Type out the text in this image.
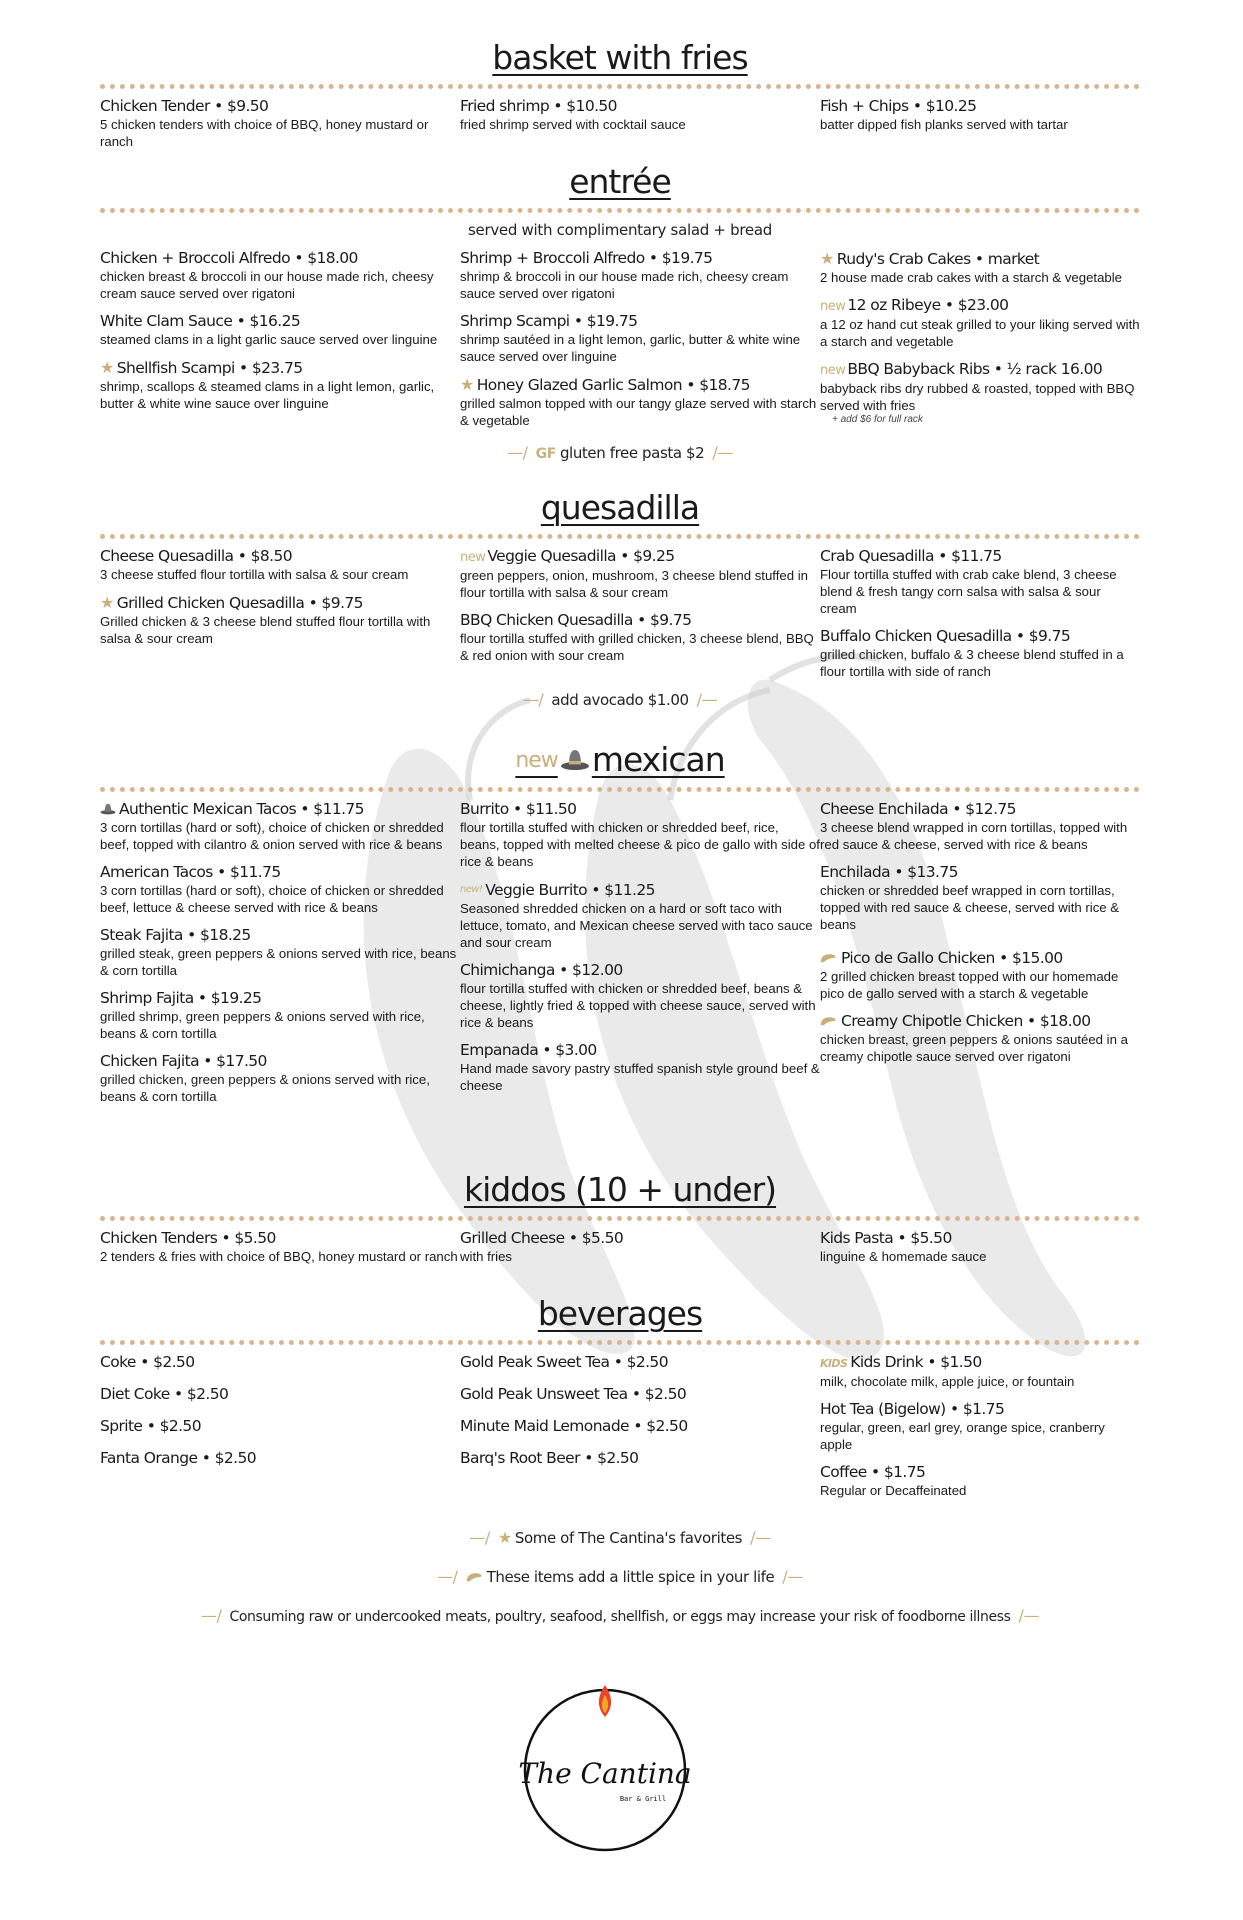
basket with fries
Chicken Tender • $9.50
5 chicken tenders with choice of BBQ, honey mustard or ranch
Fried shrimp • $10.50
fried shrimp served with cocktail sauce
Fish + Chips • $10.25
batter dipped fish planks served with tartar
entrée
served with complimentary salad + bread
Chicken + Broccoli Alfredo • $18.00
chicken breast & broccoli in our house made rich, cheesy cream sauce served over rigatoni
White Clam Sauce • $16.25
steamed clams in a light garlic sauce served over linguine
★ Shellfish Scampi • $23.75
shrimp, scallops & steamed clams in a light lemon, garlic, butter & white wine sauce over linguine
Shrimp + Broccoli Alfredo • $19.75
shrimp & broccoli in our house made rich, cheesy cream sauce served over rigatoni
Shrimp Scampi • $19.75
shrimp sautéed in a light lemon, garlic, butter & white wine sauce served over linguine
★ Honey Glazed Garlic Salmon • $18.75
grilled salmon topped with our tangy glaze served with starch & vegetable
★ Rudy's Crab Cakes • market
2 house made crab cakes with a starch & vegetable
new 12 oz Ribeye • $23.00
a 12 oz hand cut steak grilled to your liking served with a starch and vegetable
new BBQ Babyback Ribs • ½ rack 16.00
babyback ribs dry rubbed & roasted, topped with BBQ served with fries
+ add $6 for full rack
—/ GF gluten free pasta $2 /—
quesadilla
Cheese Quesadilla • $8.50
3 cheese stuffed flour tortilla with salsa & sour cream
★ Grilled Chicken Quesadilla • $9.75
Grilled chicken & 3 cheese blend stuffed flour tortilla with salsa & sour cream
new Veggie Quesadilla • $9.25
green peppers, onion, mushroom, 3 cheese blend stuffed in flour tortilla with salsa & sour cream
BBQ Chicken Quesadilla • $9.75
flour tortilla stuffed with grilled chicken, 3 cheese blend, BBQ & red onion with sour cream
Crab Quesadilla • $11.75
Flour tortilla stuffed with crab cake blend, 3 cheese blend & fresh tangy corn salsa with salsa & sour cream
Buffalo Chicken Quesadilla • $9.75
grilled chicken, buffalo & 3 cheese blend stuffed in a flour tortilla with side of ranch
—/ add avocado $1.00 /—
new mexican
Authentic Mexican Tacos • $11.75
3 corn tortillas (hard or soft), choice of chicken or shredded beef, topped with cilantro & onion served with rice & beans
American Tacos • $11.75
3 corn tortillas (hard or soft), choice of chicken or shredded beef, lettuce & cheese served with rice & beans
Steak Fajita • $18.25
grilled steak, green peppers & onions served with rice, beans & corn tortilla
Shrimp Fajita • $19.25
grilled shrimp, green peppers & onions served with rice, beans & corn tortilla
Chicken Fajita • $17.50
grilled chicken, green peppers & onions served with rice, beans & corn tortilla
Burrito • $11.50
flour tortilla stuffed with chicken or shredded beef, rice, beans, topped with melted cheese & pico de gallo with side of rice & beans
new! Veggie Burrito • $11.25
Seasoned shredded chicken on a hard or soft taco with lettuce, tomato, and Mexican cheese served with taco sauce and sour cream
Chimichanga • $12.00
flour tortilla stuffed with chicken or shredded beef, beans & cheese, lightly fried & topped with cheese sauce, served with rice & beans
Empanada • $3.00
Hand made savory pastry stuffed spanish style ground beef & cheese
Cheese Enchilada • $12.75
3 cheese blend wrapped in corn tortillas, topped with red sauce & cheese, served with rice & beans
Enchilada • $13.75
chicken or shredded beef wrapped in corn tortillas, topped with red sauce & cheese, served with rice & beans
Pico de Gallo Chicken • $15.00
2 grilled chicken breast topped with our homemade pico de gallo served with a starch & vegetable
Creamy Chipotle Chicken • $18.00
chicken breast, green peppers & onions sautéed in a creamy chipotle sauce served over rigatoni
kiddos (10 + under)
Chicken Tenders • $5.50
2 tenders & fries with choice of BBQ, honey mustard or ranch
Grilled Cheese • $5.50
with fries
Kids Pasta • $5.50
linguine & homemade sauce
beverages
Coke • $2.50
Diet Coke • $2.50
Sprite • $2.50
Fanta Orange • $2.50
Gold Peak Sweet Tea • $2.50
Gold Peak Unsweet Tea • $2.50
Minute Maid Lemonade • $2.50
Barq's Root Beer • $2.50
KIDS Kids Drink • $1.50
milk, chocolate milk, apple juice, or fountain
Hot Tea (Bigelow) • $1.75
regular, green, earl grey, orange spice, cranberry apple
Coffee • $1.75
Regular or Decaffeinated
—/ ★ Some of The Cantina's favorites /—
—/ These items add a little spice in your life /—
—/ Consuming raw or undercooked meats, poultry, seafood, shellfish, or eggs may increase your risk of foodborne illness /—
The Cantina
Bar & Grill
